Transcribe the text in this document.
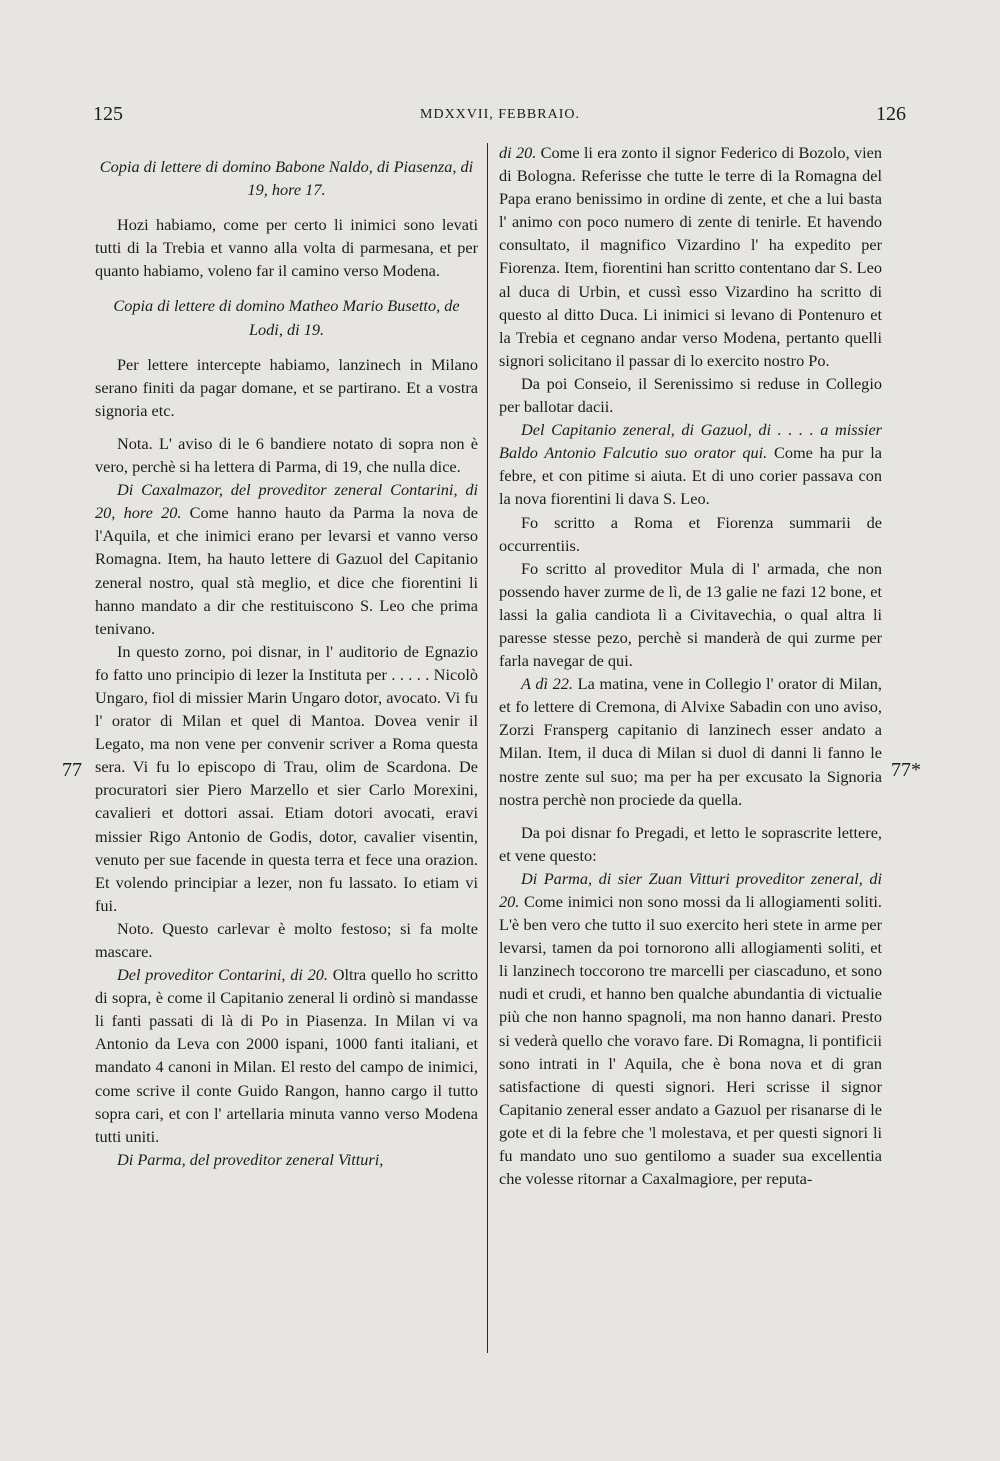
125	MDXXVII, FEBBRAIO.	126
77	77*

Copia di lettere di domino Babone Naldo, di Piasenza, di 19, hore 17.

Hozi habiamo, come per certo li inimici sono levati tutti di la Trebia et vanno alla volta di parmesana, et per quanto habiamo, voleno far il camino verso Modena.

Copia di lettere di domino Matheo Mario Busetto, de Lodi, di 19.

Per lettere intercepte habiamo, lanzinech in Milano serano finiti da pagar domane, et se partirano. Et a vostra signoria etc.

Nota. L' aviso di le 6 bandiere notato di sopra non è vero, perchè si ha lettera di Parma, di 19, che nulla dice.

Di Caxalmazor, del proveditor zeneral Contarini, di 20, hore 20. Come hanno hauto da Parma la nova de l'Aquila, et che inimici erano per levarsi et vanno verso Romagna. Item, ha hauto lettere di Gazuol del Capitanio zeneral nostro, qual stà meglio, et dice che fiorentini li hanno mandato a dir che restituiscono S. Leo che prima tenivano.

In questo zorno, poi disnar, in l' auditorio de Egnazio fo fatto uno principio di lezer la Instituta per . . . . . Nicolò Ungaro, fiol di missier Marin Ungaro dotor, avocato. Vi fu l' orator di Milan et quel di Mantoa. Dovea venir il Legato, ma non vene per convenir scriver a Roma questa sera. Vi fu lo episcopo di Trau, olim de Scardona. De procuratori sier Piero Marzello et sier Carlo Morexini, cavalieri et dottori assai. Etiam dotori avocati, eravi missier Rigo Antonio de Godis, dotor, cavalier visentin, venuto per sue facende in questa terra et fece una orazion. Et volendo principiar a lezer, non fu lassato. Io etiam vi fui.

Noto. Questo carlevar è molto festoso; si fa molte mascare.

Del proveditor Contarini, di 20. Oltra quello ho scritto di sopra, è come il Capitanio zeneral li ordinò si mandasse li fanti passati di là di Po in Piasenza. In Milan vi va Antonio da Leva con 2000 ispani, 1000 fanti italiani, et mandato 4 canoni in Milan. El resto del campo de inimici, come scrive il conte Guido Rangon, hanno cargo il tutto sopra cari, et con l' artellaria minuta vanno verso Modena tutti uniti.

Di Parma, del proveditor zeneral Vitturi,

di 20. Come li era zonto il signor Federico di Bozolo, vien di Bologna. Referisse che tutte le terre di la Romagna del Papa erano benissimo in ordine di zente, et che a lui basta l' animo con poco numero di zente di tenirle. Et havendo consultato, il magnifico Vizardino l' ha expedito per Fiorenza. Item, fiorentini han scritto contentano dar S. Leo al duca di Urbin, et cussì esso Vizardino ha scritto di questo al ditto Duca. Li inimici si levano di Pontenuro et la Trebia et cegnano andar verso Modena, pertanto quelli signori solicitano il passar di lo exercito nostro Po.

Da poi Conseio, il Serenissimo si reduse in Collegio per ballotar dacii.

Del Capitanio zeneral, di Gazuol, di . . . . a missier Baldo Antonio Falcutio suo orator qui. Come ha pur la febre, et con pitime si aiuta. Et di uno corier passava con la nova fiorentini li dava S. Leo.

Fo scritto a Roma et Fiorenza summarii de occurrentiis.

Fo scritto al proveditor Mula di l' armada, che non possendo haver zurme de lì, de 13 galie ne fazi 12 bone, et lassi la galia candiota lì a Civitavechia, o qual altra li paresse stesse pezo, perchè si manderà de qui zurme per farla navegar de qui.

A dì 22. La matina, vene in Collegio l' orator di Milan, et fo lettere di Cremona, di Alvixe Sabadin con uno aviso, Zorzi Fransperg capitanio di lanzinech esser andato a Milan. Item, il duca di Milan si duol di danni li fanno le nostre zente sul suo; ma per ha per excusato la Signoria nostra perchè non prociede da quella.

Da poi disnar fo Pregadi, et letto le soprascrite lettere, et vene questo:

Di Parma, di sier Zuan Vitturi proveditor zeneral, di 20. Come inimici non sono mossi da li allogiamenti soliti. L'è ben vero che tutto il suo exercito heri stete in arme per levarsi, tamen da poi tornorono alli allogiamenti soliti, et li lanzinech toccorono tre marcelli per ciascaduno, et sono nudi et crudi, et hanno ben qualche abundantia di victualie più che non hanno spagnoli, ma non hanno danari. Presto si vederà quello che voravo fare. Di Romagna, li pontificii sono intrati in l' Aquila, che è bona nova et di gran satisfactione di questi signori. Heri scrisse il signor Capitanio zeneral esser andato a Gazuol per risanarse di le gote et di la febre che 'l molestava, et per questi signori li fu mandato uno suo gentilomo a suader sua excellentia che volesse ritornar a Caxalmagiore, per reputa-
